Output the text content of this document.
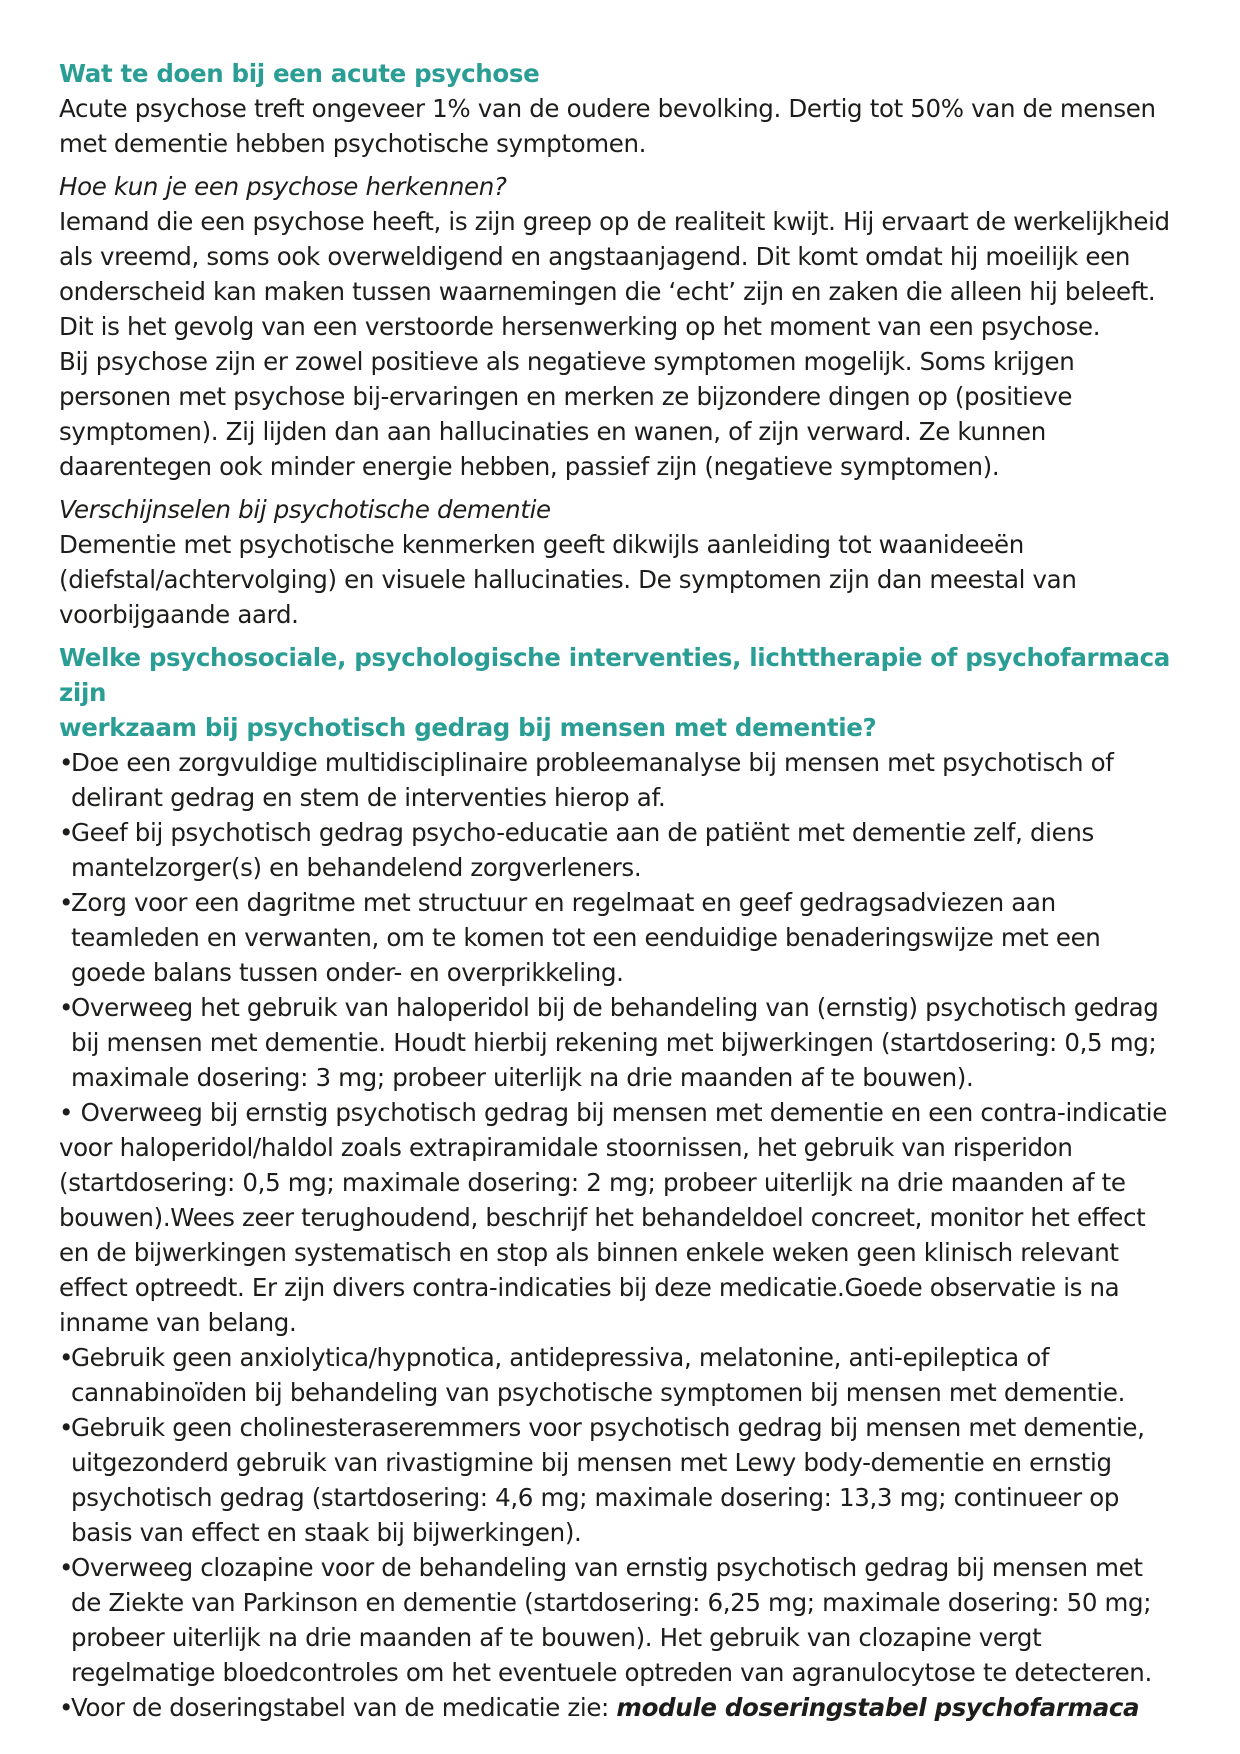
Wat te doen bij een acute psychose

Acute psychose treft ongeveer 1% van de oudere bevolking. Dertig tot 50% van de mensen
met dementie hebben psychotische symptomen.

Hoe kun je een psychose herkennen?

Iemand die een psychose heeft, is zijn greep op de realiteit kwijt. Hij ervaart de werkelijkheid
als vreemd, soms ook overweldigend en angstaanjagend. Dit komt omdat hij moeilijk een
onderscheid kan maken tussen waarnemingen die ‘echt’ zijn en zaken die alleen hij beleeft.
Dit is het gevolg van een verstoorde hersenwerking op het moment van een psychose.
Bij psychose zijn er zowel positieve als negatieve symptomen mogelijk. Soms krijgen
personen met psychose bij-ervaringen en merken ze bijzondere dingen op (positieve
symptomen). Zij lijden dan aan hallucinaties en wanen, of zijn verward. Ze kunnen
daarentegen ook minder energie hebben, passief zijn (negatieve symptomen).

Verschijnselen bij psychotische dementie

Dementie met psychotische kenmerken geeft dikwijls aanleiding tot waanideeën
(diefstal/achtervolging) en visuele hallucinaties. De symptomen zijn dan meestal van
voorbijgaande aard.

Welke psychosociale, psychologische interventies, lichttherapie of psychofarmaca zijn
werkzaam bij psychotisch gedrag bij mensen met dementie?

•
Doe een zorgvuldige multidisciplinaire probleemanalyse bij mensen met psychotisch of
delirant gedrag en stem de interventies hierop af.
•
Geef bij psychotisch gedrag psycho-educatie aan de patiënt met dementie zelf, diens
mantelzorger(s) en behandelend zorgverleners.
•
Zorg voor een dagritme met structuur en regelmaat en geef gedragsadviezen aan
teamleden en verwanten, om te komen tot een eenduidige benaderingswijze met een
goede balans tussen onder- en overprikkeling.
•
Overweeg het gebruik van haloperidol bij de behandeling van (ernstig) psychotisch gedrag
bij mensen met dementie. Houdt hierbij rekening met bijwerkingen (startdosering: 0,5 mg;
maximale dosering: 3 mg; probeer uiterlijk na drie maanden af te bouwen).
• Overweeg bij ernstig psychotisch gedrag bij mensen met dementie en een contra-indicatie
voor haloperidol/haldol zoals extrapiramidale stoornissen, het gebruik van risperidon
(startdosering: 0,5 mg; maximale dosering: 2 mg; probeer uiterlijk na drie maanden af te
bouwen).Wees zeer terughoudend, beschrijf het behandeldoel concreet, monitor het effect
en de bijwerkingen systematisch en stop als binnen enkele weken geen klinisch relevant
effect optreedt. Er zijn divers contra-indicaties bij deze medicatie.Goede observatie is na
inname van belang.
•
Gebruik geen anxiolytica/hypnotica, antidepressiva, melatonine, anti-epileptica of
cannabinoïden bij behandeling van psychotische symptomen bij mensen met dementie.
•
Gebruik geen cholinesteraseremmers voor psychotisch gedrag bij mensen met dementie,
uitgezonderd gebruik van rivastigmine bij mensen met Lewy body-dementie en ernstig
psychotisch gedrag (startdosering: 4,6 mg; maximale dosering: 13,3 mg; continueer op
basis van effect en staak bij bijwerkingen).
•
Overweeg clozapine voor de behandeling van ernstig psychotisch gedrag bij mensen met
de Ziekte van Parkinson en dementie (startdosering: 6,25 mg; maximale dosering: 50 mg;
probeer uiterlijk na drie maanden af te bouwen). Het gebruik van clozapine vergt
regelmatige bloedcontroles om het eventuele optreden van agranulocytose te detecteren.
•
Voor de doseringstabel van de medicatie zie: module doseringstabel psychofarmaca
